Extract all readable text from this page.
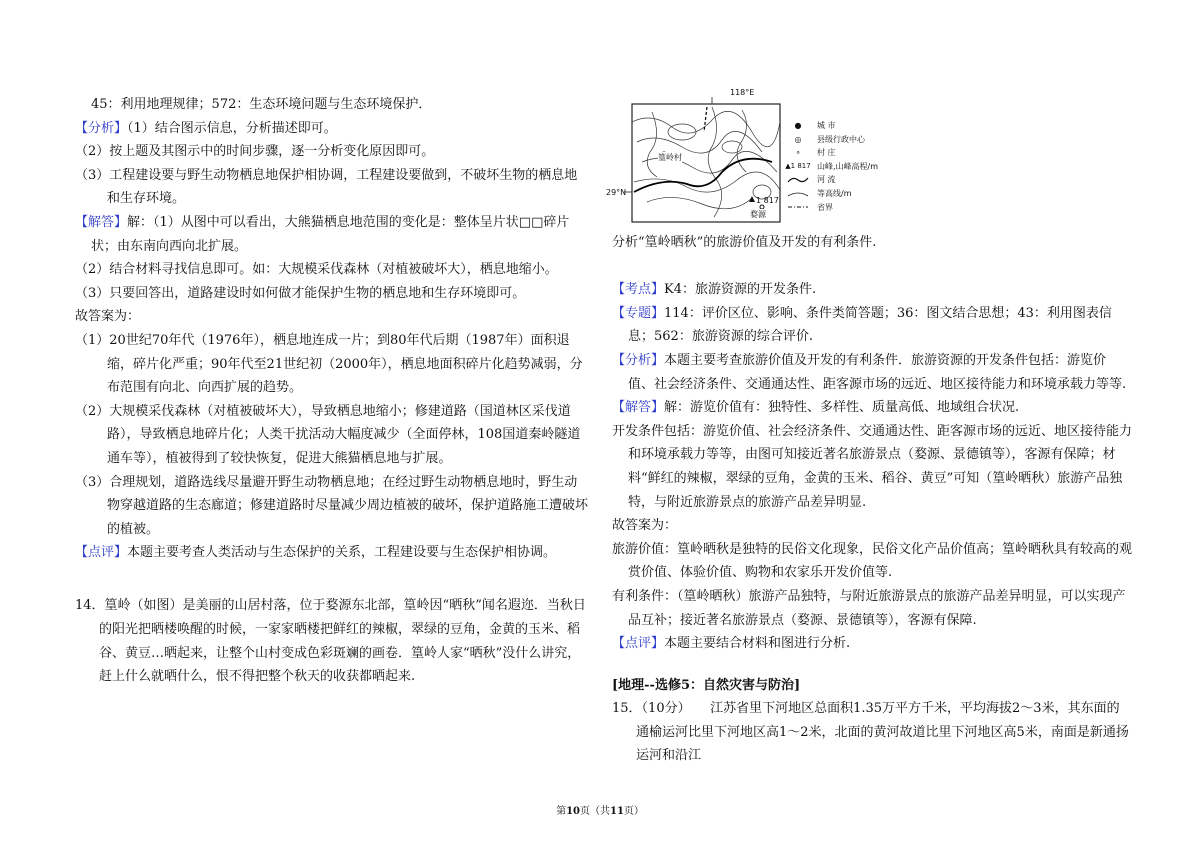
45：利用地理规律；572：生态环境问题与生态环境保护．

【分析】（1）结合图示信息，分析描述即可。

（2）按上题及其图示中的时间步骤，逐一分析变化原因即可。

（3）工程建设要与野生动物栖息地保护相协调，工程建设要做到，不破坏生物的栖息地和生存环境。

【解答】解：（1）从图中可以看出，大熊猫栖息地范围的变化是：整体呈片状□□碎片状；由东南向西向北扩展。

（2）结合材料寻找信息即可。如：大规模采伐森林（对植被破坏大），栖息地缩小。

（3）只要回答出，道路建设时如何做才能保护生物的栖息地和生存环境即可。

故答案为：

（1）20世纪70年代（1976年），栖息地连成一片；到80年代后期（1987年）面积退缩，碎片化严重；90年代至21世纪初（2000年），栖息地面积碎片化趋势减弱，分布范围有向北、向西扩展的趋势。

（2）大规模采伐森林（对植被破坏大），导致栖息地缩小；修建道路（国道林区采伐道路），导致栖息地碎片化；人类干扰活动大幅度减少（全面停林，108国道秦岭隧道通车等），植被得到了较快恢复，促进大熊猫栖息地与扩展。

（3）合理规划，道路选线尽量避开野生动物栖息地；在经过野生动物栖息地时，野生动物穿越道路的生态廊道；修建道路时尽量减少周边植被的破坏，保护道路施工遭破坏的植被。

【点评】本题主要考查人类活动与生态保护的关系，工程建设要与生态保护相协调。

14．篁岭（如图）是美丽的山居村落，位于婺源东北部，篁岭因“晒秋”闻名遐迩．当秋日的阳光把晒楼唤醒的时候，一家家晒楼把鲜红的辣椒，翠绿的豆角，金黄的玉米、稻谷、黄豆…晒起来，让整个山村变成色彩斑斓的画卷．篁岭人家“晒秋”没什么讲究，赶上什么就晒什么，恨不得把整个秋天的收获都晒起来.

118°E
29°N
篁岭村
婺源
1 817
●	城 市
◎	县级行政中心
∘	村 庄
▲1 817 山峰,山峰高程/m
河 流
等高线/m
省界

分析“篁岭晒秋”的旅游价值及开发的有利条件.

【考点】K4：旅游资源的开发条件.

【专题】114：评价区位、影响、条件类简答题；36：图文结合思想；43：利用图表信息；562：旅游资源的综合评价.

【分析】本题主要考查旅游价值及开发的有利条件．旅游资源的开发条件包括：游览价值、社会经济条件、交通通达性、距客源市场的远近、地区接待能力和环境承载力等等.

【解答】解：游览价值有：独特性、多样性、质量高低、地域组合状况.

开发条件包括：游览价值、社会经济条件、交通通达性、距客源市场的远近、地区接待能力和环境承载力等等，由图可知接近著名旅游景点（婺源、景德镇等），客源有保障；材料“鲜红的辣椒，翠绿的豆角，金黄的玉米、稻谷、黄豆”可知（篁岭晒秋）旅游产品独特，与附近旅游景点的旅游产品差异明显.

故答案为：

旅游价值：篁岭晒秋是独特的民俗文化现象，民俗文化产品价值高；篁岭晒秋具有较高的观赏价值、体验价值、购物和农家乐开发价值等.

有利条件：（篁岭晒秋）旅游产品独特，与附近旅游景点的旅游产品差异明显，可以实现产品互补；接近著名旅游景点（婺源、景德镇等），客源有保障.

【点评】本题主要结合材料和图进行分析.

[地理--选修5：自然灾害与防治]

15．（10分）　　江苏省里下河地区总面积1.35万平方千米，平均海拔2～3米，其东面的通榆运河比里下河地区高1～2米，北面的黄河故道比里下河地区高5米，南面是新通扬运河和沿江

第10页（共11页）
